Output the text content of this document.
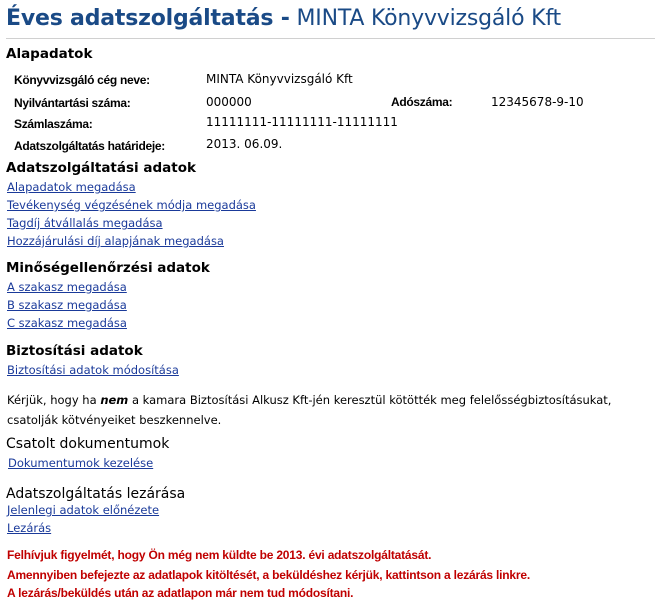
Éves adatszolgáltatás - MINTA Könyvvizsgáló Kft
Alapadatok
Könyvvizsgáló cég neve:	MINTA Könyvvizsgáló Kft
Nyilvántartási száma:	000000	Adószáma:	12345678-9-10
Számlaszáma:	11111111-11111111-11111111
Adatszolgáltatás határideje:	2013. 06.09.
Adatszolgáltatási adatok
Alapadatok megadása
Tevékenység végzésének módja megadása
Tagdíj átvállalás megadása
Hozzájárulási díj alapjának megadása
Minőségellenőrzési adatok
A szakasz megadása
B szakasz megadása
C szakasz megadása
Biztosítási adatok
Biztosítási adatok módosítása
Kérjük, hogy ha nem a kamara Biztosítási Alkusz Kft-jén keresztül kötötték meg felelősségbiztosításukat,
csatolják kötvényeiket beszkennelve.
Csatolt dokumentumok
Dokumentumok kezelése
Adatszolgáltatás lezárása
Jelenlegi adatok előnézete
Lezárás
Felhívjuk figyelmét, hogy Ön még nem küldte be 2013. évi adatszolgáltatását.
Amennyiben befejezte az adatlapok kitöltését, a beküldéshez kérjük, kattintson a lezárás linkre.
A lezárás/beküldés után az adatlapon már nem tud módosítani.
